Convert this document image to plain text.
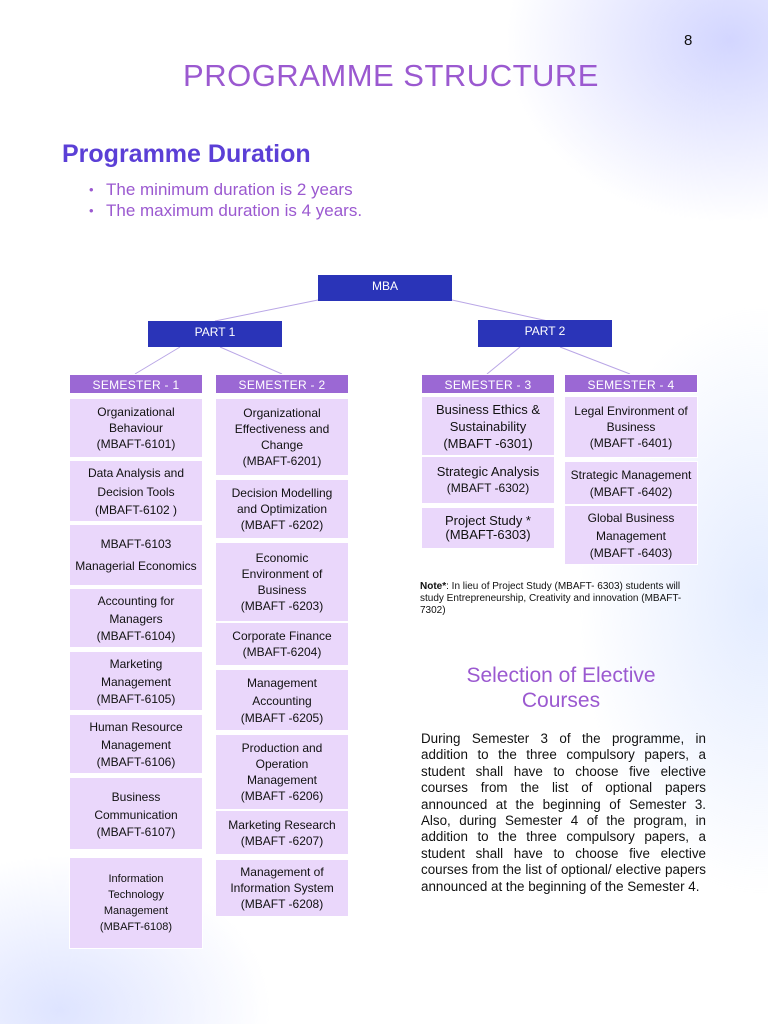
8
PROGRAMME STRUCTURE
Programme Duration
• The minimum duration is 2 years
• The maximum duration is 4 years.
MBA
PART 1	PART 2
SEMESTER - 1	SEMESTER - 2	SEMESTER - 3	SEMESTER - 4
Organizational
Behaviour
(MBAFT-6101)
Data Analysis and
Decision Tools
(MBAFT-6102 )
MBAFT-6103
Managerial Economics
Accounting for
Managers
(MBAFT-6104)
Marketing
Management
(MBAFT-6105)
Human Resource
Management
(MBAFT-6106)
Business
Communication
(MBAFT-6107)
Information
Technology
Management
(MBAFT-6108)
Organizational
Effectiveness and
Change
(MBAFT-6201)
Decision Modelling
and Optimization
(MBAFT -6202)
Economic
Environment of
Business
(MBAFT -6203)
Corporate Finance
(MBAFT-6204)
Management
Accounting
(MBAFT -6205)
Production and
Operation
Management
(MBAFT -6206)
Marketing Research
(MBAFT -6207)
Management of
Information System
(MBAFT -6208)
Business Ethics &
Sustainability
(MBAFT -6301)
Strategic Analysis
(MBAFT -6302)
Project Study *
(MBAFT-6303)
Legal Environment of
Business
(MBAFT -6401)
Strategic Management
(MBAFT -6402)
Global Business
Management
(MBAFT -6403)
Note*: In lieu of Project Study (MBAFT- 6303) students will study Entrepreneurship, Creativity and innovation (MBAFT- 7302)
Selection of Elective Courses
During Semester 3 of the programme, in addition to the three compulsory papers, a student shall have to choose five elective courses from the list of optional papers announced at the beginning of Semester 3. Also, during Semester 4 of the program, in addition to the three compulsory papers, a student shall have to choose five elective courses from the list of optional/ elective papers announced at the beginning of the Semester 4.
